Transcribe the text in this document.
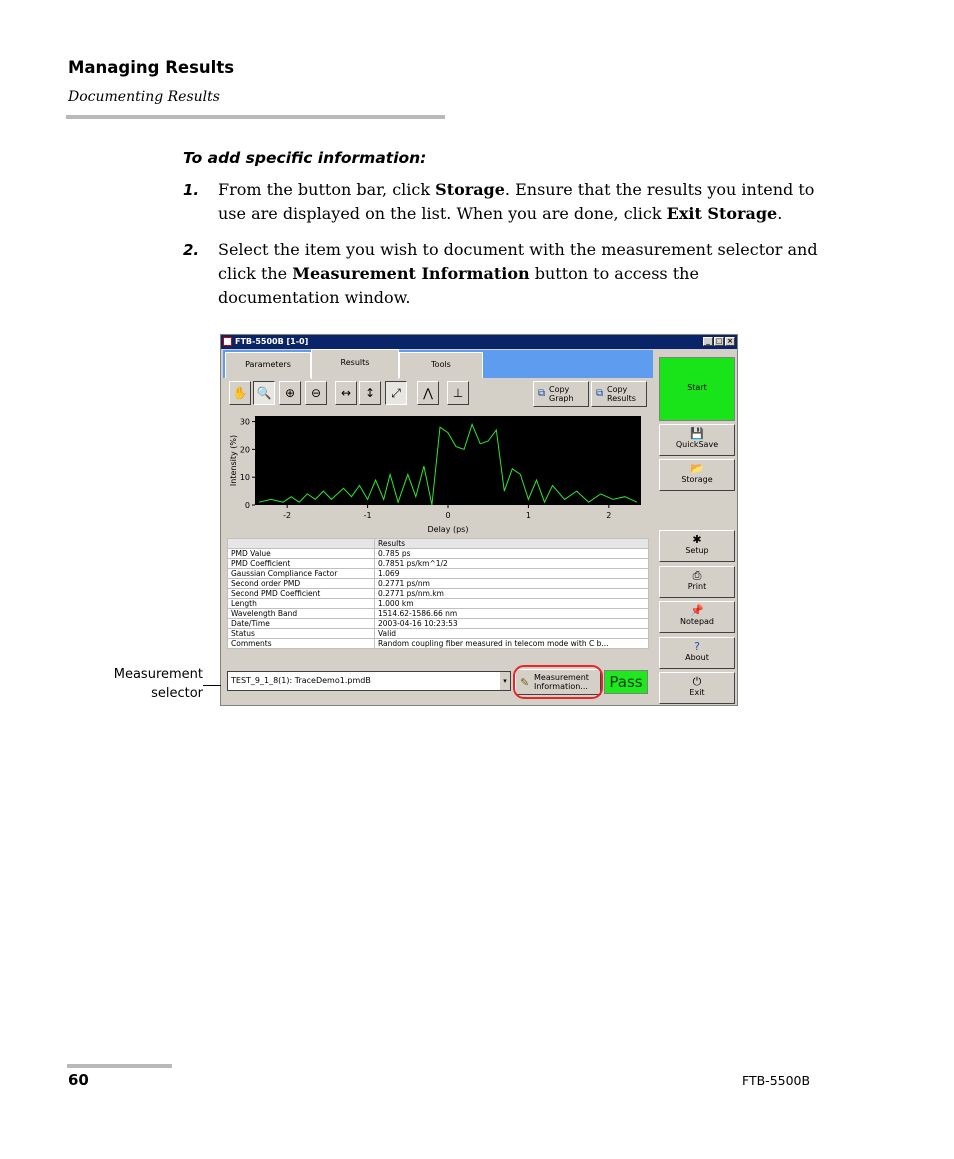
Managing Results
Documenting Results
To add specific information:
1. From the button bar, click Storage. Ensure that the results you intend to use are displayed on the list. When you are done, click Exit Storage.
2. Select the item you wish to document with the measurement selector and click the Measurement Information button to access the documentation window.
FTB-5500B [1-0]	_ □ ×
Parameters	Results	Tools
✋ 🔍	⊕	⊖	↔	↕	⤢	⋀	⊥	⧉ Copy
Graph ⧉ Copy
Results
30
20
10
0
-2	-1	0	1	2
Delay (ps)
Intensity (%)
	Results
PMD Value	0.785 ps
PMD Coefficient	0.7851 ps/km^1/2
Gaussian Compliance Factor	1.069
Second order PMD	0.2771 ps/nm
Second PMD Coefficient	0.2771 ps/nm.km
Length	1.000 km
Wavelength Band	1514.62-1586.66 nm
Date/Time	2003-04-16 10:23:53
Status	Valid
Comments	Random coupling fiber measured in telecom mode with C b...
TEST_9_1_8(1): TraceDemo1.pmdB	▾ ✎ Measurement
Information...	Pass
Start
💾
QuickSave
📂
Storage
✱
Setup
⎙
Print
📌
Notepad
?
About
⏻
Exit
Measurement
selector
60	FTB-5500B
